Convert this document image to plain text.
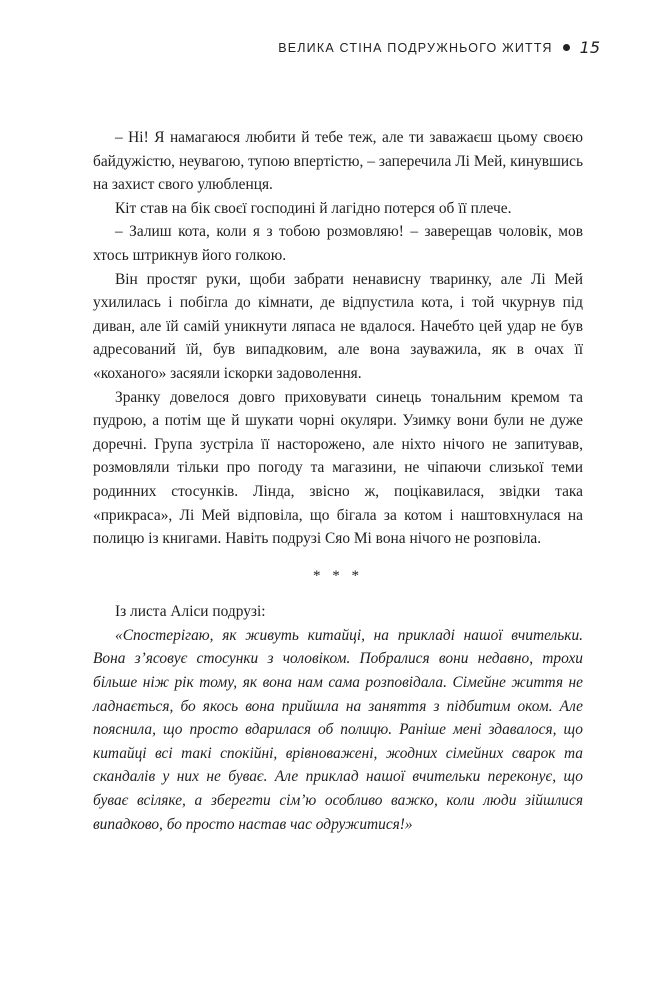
ВЕЛИКА СТІНА ПОДРУЖНЬОГО ЖИТТЯ 15

– Ні! Я намагаюся любити й тебе теж, але ти заважаєш цьому своєю байдужістю, неувагою, тупою впертістю, – заперечила Лі Мей, кинувшись на захист свого улюбленця.

Кіт став на бік своєї господині й лагідно потерся об її плече.

– Залиш кота, коли я з тобою розмовляю! – заверещав чоловік, мов хтось штрикнув його голкою.

Він простяг руки, щоби забрати ненависну тваринку, але Лі Мей ухилилась і побігла до кімнати, де відпустила кота, і той чкурнув під диван, але їй самій уникнути ляпаса не вдалося. Начебто цей удар не був адресований їй, був випадковим, але вона зауважила, як в очах її «коханого» засяяли іскорки задоволення.

Зранку довелося довго приховувати синець тональним кремом та пудрою, а потім ще й шукати чорні окуляри. Узимку вони були не дуже доречні. Група зустріла її насторожено, але ніхто нічого не запитував, розмовляли тільки про погоду та магазини, не чіпаючи слизької теми родинних стосунків. Лінда, звісно ж, поцікавилася, звідки така «прикраса», Лі Мей відповіла, що бігала за котом і наштовхнулася на полицю із книгами. Навіть подрузі Сяо Мі вона нічого не розповіла.

* * *

Із листа Аліси подрузі:

«Спостерігаю, як живуть китайці, на прикладі нашої вчительки. Вона з’ясовує стосунки з чоловіком. Побралися вони недавно, трохи більше ніж рік тому, як вона нам сама розповідала. Сімейне життя не ладнається, бо якось вона прийшла на заняття з підбитим оком. Але пояснила, що просто вдарилася об полицю. Раніше мені здавалося, що китайці всі такі спокійні, врівноважені, жодних сімейних сварок та скандалів у них не буває. Але приклад нашої вчительки переконує, що буває всіляке, а зберегти сім’ю особливо важко, коли люди зійшлися випадково, бо просто настав час одружитися!»
